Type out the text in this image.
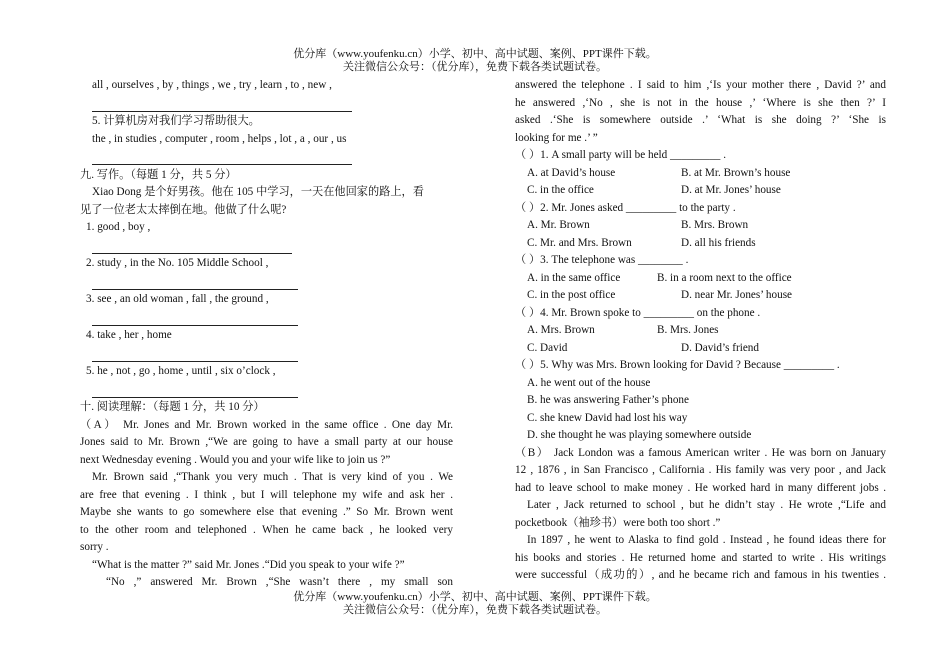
优分库（www.youfenku.cn）小学、初中、高中试题、案例、PPT课件下载。
关注微信公众号：（优分库），免费下载各类试题试卷。
all , ourselves , by , things , we , try , learn , to , new ,
5. 计算机房对我们学习帮助很大。
the , in studies , computer , room , helps , lot , a , our , us
九. 写作。（每题 1 分，共 5 分）
Xiao Dong 是个好男孩。他在 105 中学习，一天在他回家的路上，看
见了一位老太太摔倒在地。他做了什么呢?
1. good , boy ,
2. study , in the No. 105 Middle School ,
3. see , an old woman , fall , the ground ,
4. take , her , home
5. he , not , go , home , until , six o’clock ,
十. 阅读理解：（每题 1 分，共 10 分）
（A） Mr. Jones and Mr. Brown worked in the same office . One day Mr.
Jones said to Mr. Brown ,“We are going to have a small party at our house
next Wednesday evening . Would you and your wife like to join us ?”
Mr. Brown said ,“Thank you very much . That is very kind of you . We
are free that evening . I think , but I will telephone my wife and ask her .
Maybe she wants to go somewhere else that evening .” So Mr. Brown went
to the other room and telephoned . When he came back , he looked very
sorry .
“What is the matter ?” said Mr. Jones .“Did you speak to your wife ?”
“No ,” answered Mr. Brown ,“She wasn’t there , my small son
answered the telephone . I said to him ,‘Is your mother there , David ?’ and
he answered ,‘No , she is not in the house ,’ ‘Where is she then ?’ I
asked .‘She is somewhere outside .’ ‘What is she doing ?’ ‘She is
looking for me .’ ”
（ ）1. A small party will be held _________ .
A. at David’s house	B. at Mr. Brown’s house
C. in the office	D. at Mr. Jones’ house
（ ）2. Mr. Jones asked _________ to the party .
A. Mr. Brown	B. Mrs. Brown
C. Mr. and Mrs. Brown	D. all his friends
（ ）3. The telephone was ________ .
A. in the same office	B. in a room next to the office
C. in the post office	D. near Mr. Jones’ house
（ ）4. Mr. Brown spoke to _________ on the phone .
A. Mrs. Brown	B. Mrs. Jones
C. David	D. David’s friend
（ ）5. Why was Mrs. Brown looking for David ? Because _________ .
A. he went out of the house
B. he was answering Father’s phone
C. she knew David had lost his way
D. she thought he was playing somewhere outside
（B） Jack London was a famous American writer . He was born on January
12 , 1876 , in San Francisco , California . His family was very poor , and Jack
had to leave school to make money . He worked hard in many different jobs .
Later , Jack returned to school , but he didn’t stay . He wrote ,“Life and
pocketbook（袖珍书）were both too short .”
In 1897 , he went to Alaska to find gold . Instead , he found ideas there for
his books and stories . He returned home and started to write . His writings
were successful（成功的）, and he became rich and famous in his twenties .
优分库（www.youfenku.cn）小学、初中、高中试题、案例、PPT课件下载。
关注微信公众号：（优分库），免费下载各类试题试卷。
